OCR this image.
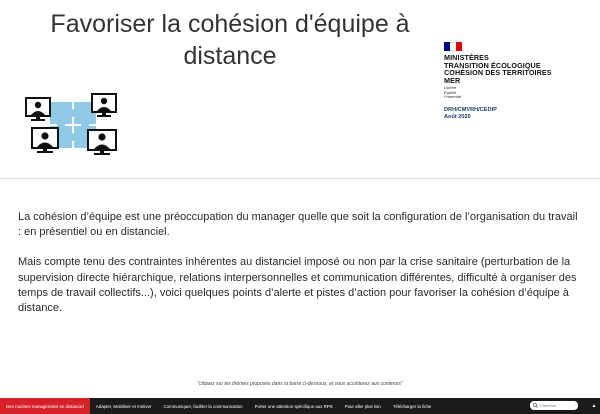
Favoriser la cohésion d'équipe à distance	MINISTÈRES
TRANSITION ÉCOLOGIQUE
COHÉSION DES TERRITOIRES
MER
Liberté
Égalité
Fraternité
DRH/CMVRH/CEDIP
Août 2020

La cohésion d’équipe est une préoccupation du manager quelle que soit la configuration de l’organisation du travail : en présentiel ou en distanciel.

Mais compte tenu des contraintes inhérentes au distanciel imposé ou non par la crise sanitaire (perturbation de la supervision directe hiérarchique, relations interpersonnelles et communication différentes, difficulté à organiser des temps de travail collectifs...), voici quelques points d’alerte et pistes d’action pour favoriser la cohésion d’équipe à distance.

"cliquez sur les thèmes proposés dans la barre ci-dessous, et vous accéderez aux contenus"
Des routines managériales en distanciel	Adapter, Mobiliser et motiver	Communiquer, faciliter la communication	Porter une attention spécifique aux RPS	Pour aller plus loin	Télécharger la fiche
Chercher	▲
